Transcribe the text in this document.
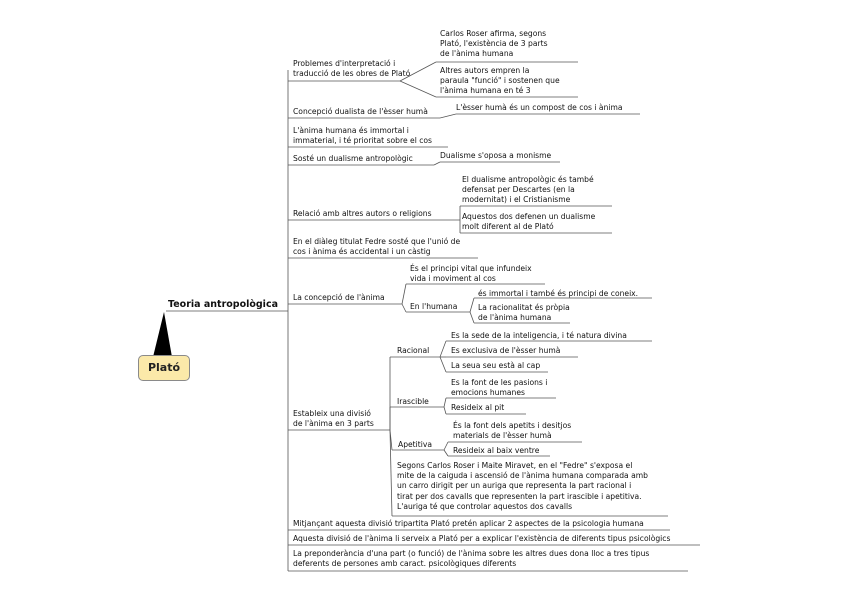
Plató
Teoria antropològica
Problemes d'interpretació i
traducció de les obres de Plató
Carlos Roser afirma, segons
Plató, l'existència de 3 parts
de l'ànima humana
Altres autors empren la
paraula "funció" i sostenen que
l'ànima humana en té 3
Concepció dualista de l'èsser humà	L'èsser humà és un compost de cos i ànima
L'ànima humana és immortal i
immaterial, i té prioritat sobre el cos
Sosté un dualisme antropològic	Dualisme s'oposa a monisme
Relació amb altres autors o religions
El dualisme antropològic és també
defensat per Descartes (en la
modernitat) i el Cristianisme
Aquestos dos defenen un dualisme
molt diferent al de Plató
En el diàleg titulat Fedre sosté que l'unió de
cos i ànima és accidental i un càstig
La concepció de l'ànima
És el principi vital que infundeix
vida i moviment al cos
En l'humana
és immortal i també és principi de coneix.
La racionalitat és pròpia
de l'ànima humana
Estableix una divisió
de l'ànima en 3 parts
Racional
Es la sede de la inteligencia, i té natura divina
Es exclusiva de l'èsser humà
La seua seu està al cap
Irascible
Es la font de les pasions i
emocions humanes
Resideix al pit
Apetitiva
És la font dels apetits i desitjos
materials de l'èsser humà
Resideix al baix ventre
Segons Carlos Roser i Maite Miravet, en el "Fedre" s'exposa el
mite de la caiguda i ascensió de l'ànima humana comparada amb
un carro dirigit per un auriga que representa la part racional i
tirat per dos cavalls que representen la part irascible i apetitiva.
L'auriga té que controlar aquestos dos cavalls
Mitjançant aquesta divisió tripartita Plató pretén aplicar 2 aspectes de la psicologia humana
Aquesta divisió de l'ànima li serveix a Plató per a explicar l'existència de diferents tipus psicològics
La preponderància d'una part (o funció) de l'ànima sobre les altres dues dona lloc a tres tipus
deferents de persones amb caract. psicològiques diferents
